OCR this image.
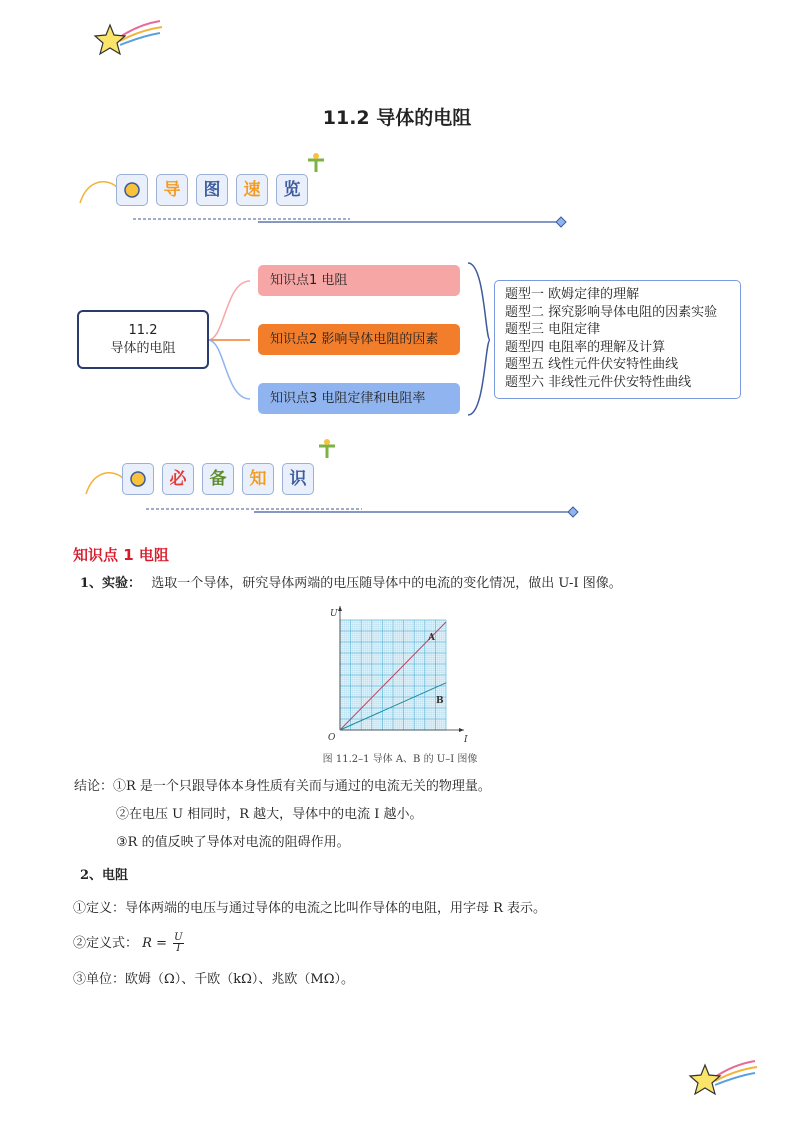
11.2 导体的电阻
导	图	速	览
11.2
导体的电阻
知识点1 电阻
知识点2 影响导体电阻的因素
知识点3 电阻定律和电阻率
题型一 欧姆定律的理解
题型二 探究影响导体电阻的因素实验
题型三 电阻定律
题型四 电阻率的理解及计算
题型五 线性元件伏安特性曲线
题型六 非线性元件伏安特性曲线
必	备	知	识
知识点 1 电阻
1、实验： 选取一个导体，研究导体两端的电压随导体中的电流的变化情况，做出 U-I 图像。
U
I
O
A
B
图 11.2–1 导体 A、B 的 U–I 图像
结论：①R 是一个只跟导体本身性质有关而与通过的电流无关的物理量。
②在电压 U 相同时，R 越大，导体中的电流 I 越小。
③R 的值反映了导体对电流的阻碍作用。
2、电阻
①定义：导体两端的电压与通过导体的电流之比叫作导体的电阻，用字母 R 表示。
②定义式： $R = \frac{U}{I}$
③单位：欧姆（Ω）、千欧（kΩ）、兆欧（MΩ）。
